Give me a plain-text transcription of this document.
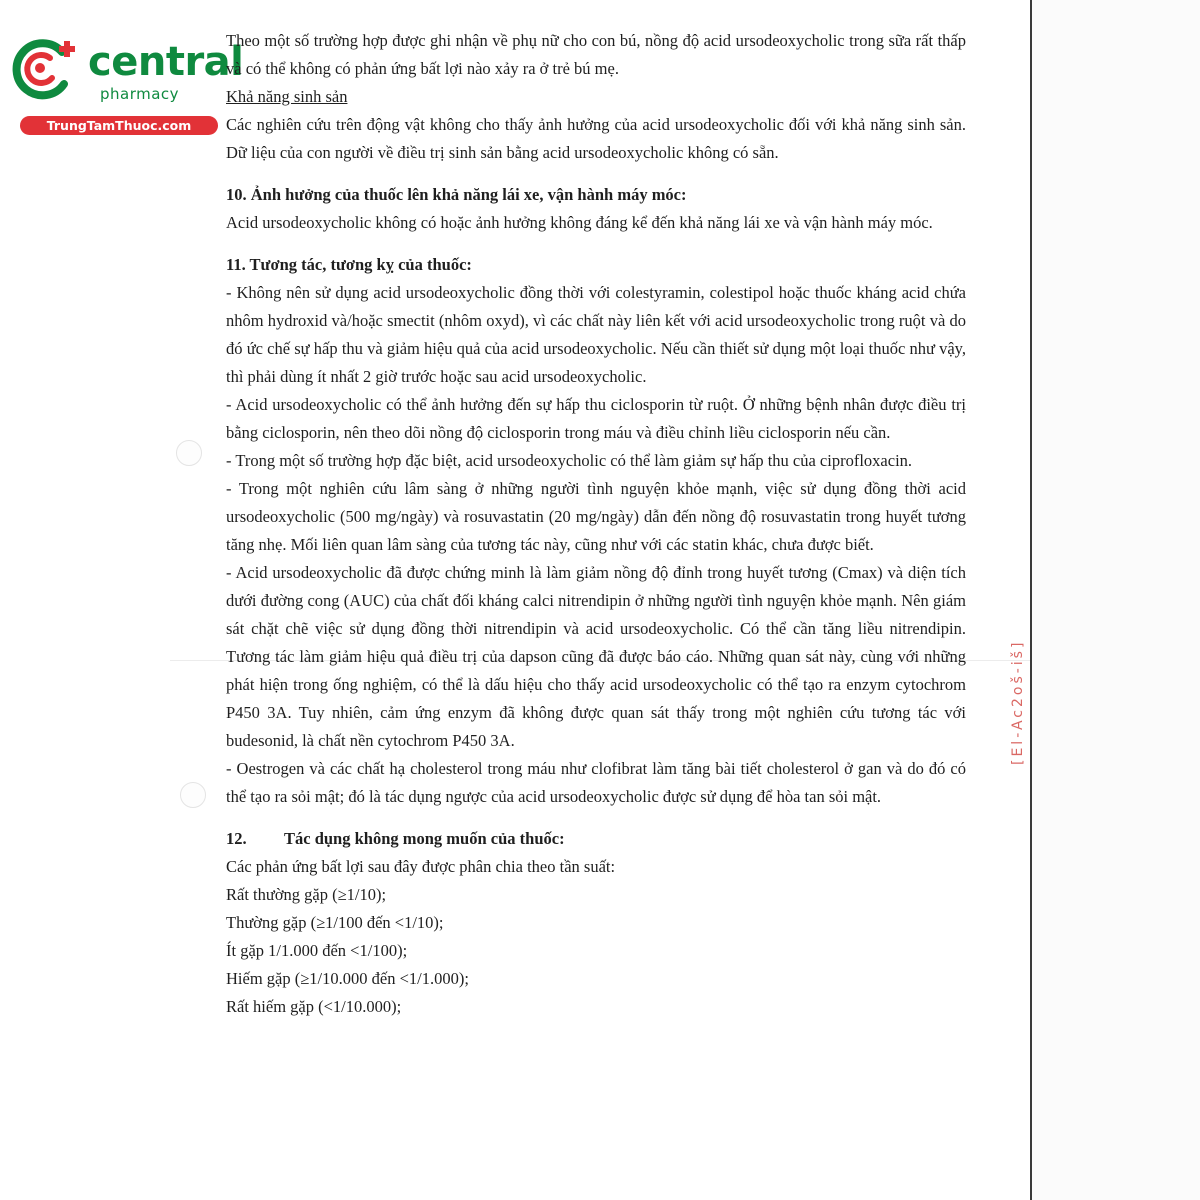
central
pharmacy
TrungTamThuoc.com

Theo một số trường hợp được ghi nhận về phụ nữ cho con bú, nồng độ acid ursodeoxycholic trong sữa rất thấp và có thể không có phản ứng bất lợi nào xảy ra ở trẻ bú mẹ.

Khả năng sinh sản

Các nghiên cứu trên động vật không cho thấy ảnh hưởng của acid ursodeoxycholic đối với khả năng sinh sản. Dữ liệu của con người về điều trị sinh sản bằng acid ursodeoxycholic không có sẵn.

10. Ảnh hưởng của thuốc lên khả năng lái xe, vận hành máy móc:

Acid ursodeoxycholic không có hoặc ảnh hưởng không đáng kể đến khả năng lái xe và vận hành máy móc.

11. Tương tác, tương kỵ của thuốc:

- Không nên sử dụng acid ursodeoxycholic đồng thời với colestyramin, colestipol hoặc thuốc kháng acid chứa nhôm hydroxid và/hoặc smectit (nhôm oxyd), vì các chất này liên kết với acid ursodeoxycholic trong ruột và do đó ức chế sự hấp thu và giảm hiệu quả của acid ursodeoxycholic. Nếu cần thiết sử dụng một loại thuốc như vậy, thì phải dùng ít nhất 2 giờ trước hoặc sau acid ursodeoxycholic.

- Acid ursodeoxycholic có thể ảnh hưởng đến sự hấp thu ciclosporin từ ruột. Ở những bệnh nhân được điều trị bằng ciclosporin, nên theo dõi nồng độ ciclosporin trong máu và điều chỉnh liều ciclosporin nếu cần.

- Trong một số trường hợp đặc biệt, acid ursodeoxycholic có thể làm giảm sự hấp thu của ciprofloxacin.

- Trong một nghiên cứu lâm sàng ở những người tình nguyện khỏe mạnh, việc sử dụng đồng thời acid ursodeoxycholic (500 mg/ngày) và rosuvastatin (20 mg/ngày) dẫn đến nồng độ rosuvastatin trong huyết tương tăng nhẹ. Mối liên quan lâm sàng của tương tác này, cũng như với các statin khác, chưa được biết.

- Acid ursodeoxycholic đã được chứng minh là làm giảm nồng độ đỉnh trong huyết tương (Cmax) và diện tích dưới đường cong (AUC) của chất đối kháng calci nitrendipin ở những người tình nguyện khỏe mạnh. Nên giám sát chặt chẽ việc sử dụng đồng thời nitrendipin và acid ursodeoxycholic. Có thể cần tăng liều nitrendipin. Tương tác làm giảm hiệu quả điều trị của dapson cũng đã được báo cáo. Những quan sát này, cùng với những phát hiện trong ống nghiệm, có thể là dấu hiệu cho thấy acid ursodeoxycholic có thể tạo ra enzym cytochrom P450 3A. Tuy nhiên, cảm ứng enzym đã không được quan sát thấy trong một nghiên cứu tương tác với budesonid, là chất nền cytochrom P450 3A.

- Oestrogen và các chất hạ cholesterol trong máu như clofibrat làm tăng bài tiết cholesterol ở gan và do đó có thể tạo ra sỏi mật; đó là tác dụng ngược của acid ursodeoxycholic được sử dụng để hòa tan sỏi mật.

12. Tác dụng không mong muốn của thuốc:

Các phản ứng bất lợi sau đây được phân chia theo tần suất:

Rất thường gặp (≥1/10);

Thường gặp (≥1/100 đến <1/10);

Ít gặp 1/1.000 đến <1/100);

Hiếm gặp (≥1/10.000 đến <1/1.000);

Rất hiếm gặp (<1/10.000);

[El-Ac2oš-iš]
